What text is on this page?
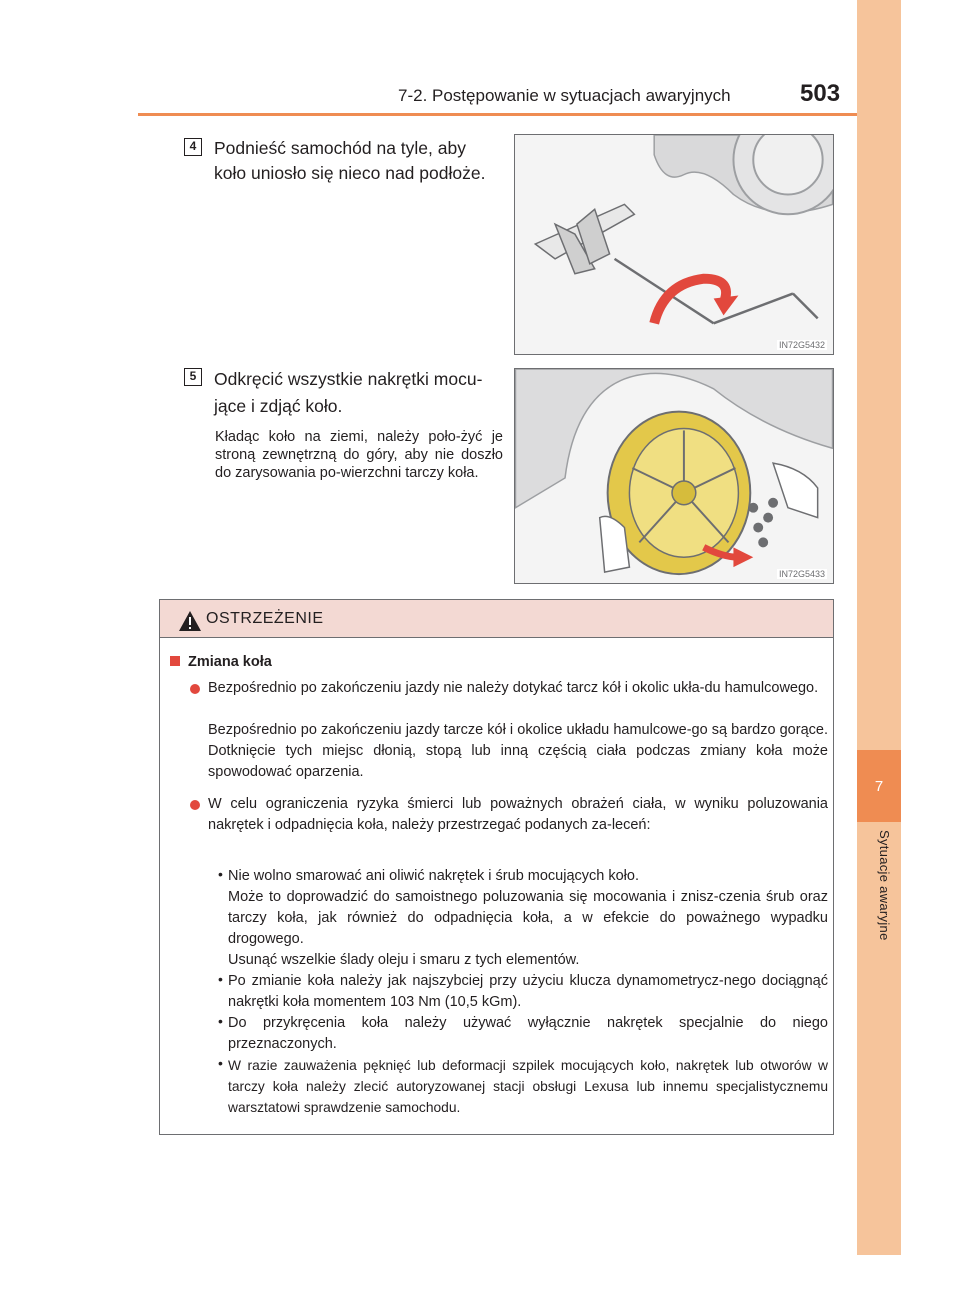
7
Sytuacje awaryjne
7-2. Postępowanie w sytuacjach awaryjnych	503
4	Podnieść samochód na tyle, aby
koło uniosło się nieco nad podłoże.
IN72G5432
5	Odkręcić wszystkie nakrętki mocu-
jące i zdjąć koło.
Kładąc koło na ziemi, należy poło-żyć je stroną zewnętrzną do góry, aby nie doszło do zarysowania po-wierzchni tarczy koła.
IN72G5433
OSTRZEŻENIE
Zmiana koła
Bezpośrednio po zakończeniu jazdy nie należy dotykać tarcz kół i okolic ukła-du hamulcowego.
Bezpośrednio po zakończeniu jazdy tarcze kół i okolice układu hamulcowe-go są bardzo gorące. Dotknięcie tych miejsc dłonią, stopą lub inną częścią ciała podczas zmiany koła może spowodować oparzenia.
W celu ograniczenia ryzyka śmierci lub poważnych obrażeń ciała, w wyniku poluzowania nakrętek i odpadnięcia koła, należy przestrzegać podanych za-leceń:
• Nie wolno smarować ani oliwić nakrętek i śrub mocujących koło.
Może to doprowadzić do samoistnego poluzowania się mocowania i znisz-czenia śrub oraz tarczy koła, jak również do odpadnięcia koła, a w efekcie do poważnego wypadku drogowego.
Usunąć wszelkie ślady oleju i smaru z tych elementów.
• Po zmianie koła należy jak najszybciej przy użyciu klucza dynamometrycz-nego dociągnąć nakrętki koła momentem 103 Nm (10,5 kGm).
• Do przykręcenia koła należy używać wyłącznie nakrętek specjalnie do niego przeznaczonych.
• W razie zauważenia pęknięć lub deformacji szpilek mocujących koło, nakrętek lub otworów w tarczy koła należy zlecić autoryzowanej stacji obsługi Lexusa lub innemu specjalistycznemu warsztatowi sprawdzenie samochodu.
